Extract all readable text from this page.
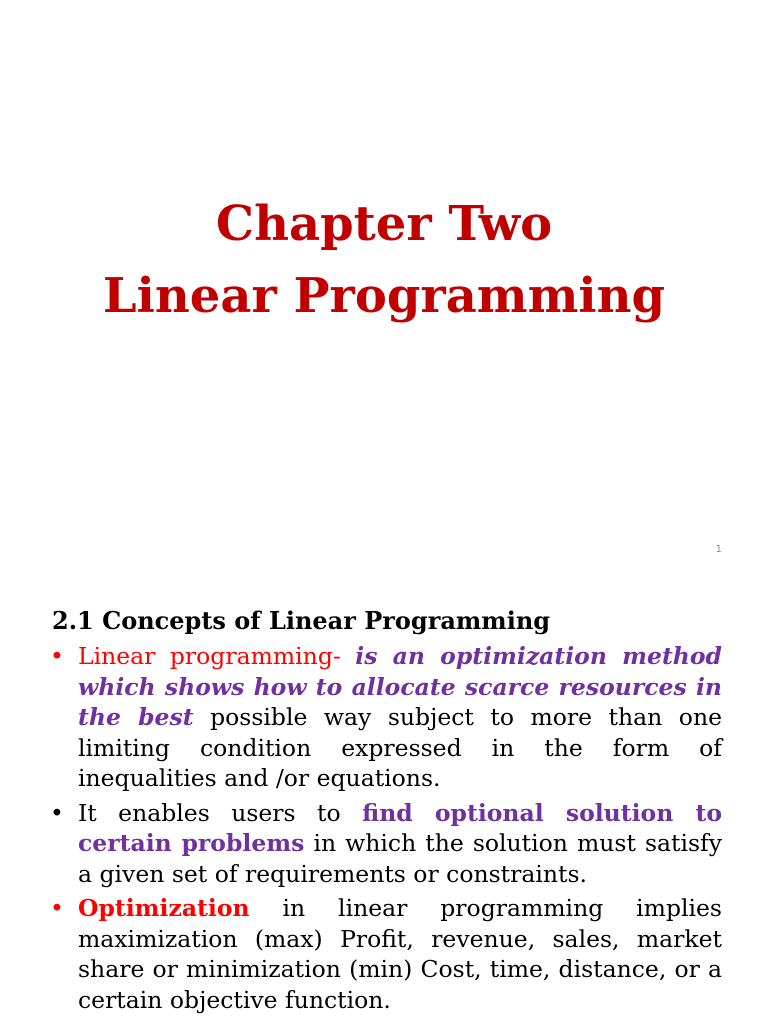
Chapter Two
Linear Programming
1
2.1 Concepts of Linear Programming
• Linear programming- is an optimization method which shows how to allocate scarce resources in the best possible way subject to more than one limiting condition expressed in the form of inequalities and /or equations.
• It enables users to find optional solution to certain problems in which the solution must satisfy a given set of requirements or constraints.
• Optimization in linear programming implies maximization (max) Profit, revenue, sales, market share or minimization (min) Cost, time, distance, or a certain objective function.
